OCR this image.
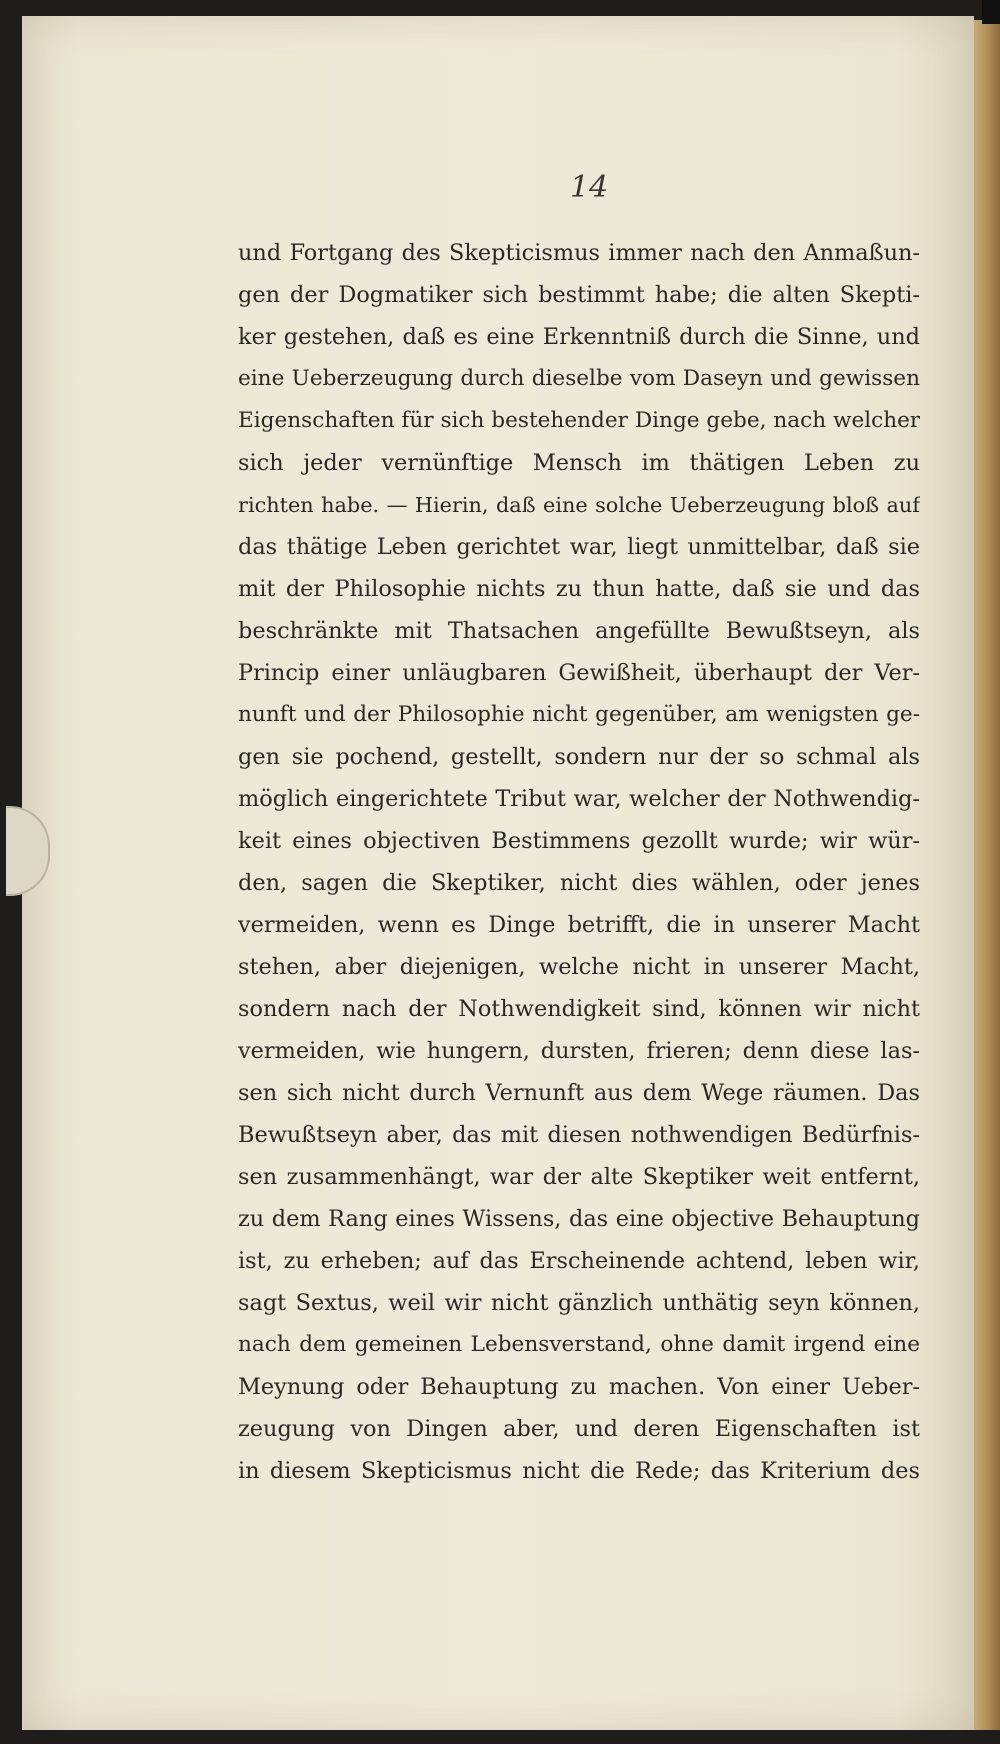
14
und Fortgang des Skepticismus immer nach den Anmaßun-
gen der Dogmatiker sich bestimmt habe; die alten Skepti-
ker gestehen, daß es eine Erkenntniß durch die Sinne, und
eine Ueberzeugung durch dieselbe vom Daseyn und gewissen
Eigenschaften für sich bestehender Dinge gebe, nach welcher
sich jeder vernünftige Mensch im thätigen Leben zu
richten habe. — Hierin, daß eine solche Ueberzeugung bloß auf
das thätige Leben gerichtet war, liegt unmittelbar, daß sie
mit der Philosophie nichts zu thun hatte, daß sie und das
beschränkte mit Thatsachen angefüllte Bewußtseyn, als
Princip einer unläugbaren Gewißheit, überhaupt der Ver-
nunft und der Philosophie nicht gegenüber, am wenigsten ge-
gen sie pochend, gestellt, sondern nur der so schmal als
möglich eingerichtete Tribut war, welcher der Nothwendig-
keit eines objectiven Bestimmens gezollt wurde; wir wür-
den, sagen die Skeptiker, nicht dies wählen, oder jenes
vermeiden, wenn es Dinge betrifft, die in unserer Macht
stehen, aber diejenigen, welche nicht in unserer Macht,
sondern nach der Nothwendigkeit sind, können wir nicht
vermeiden, wie hungern, dursten, frieren; denn diese las-
sen sich nicht durch Vernunft aus dem Wege räumen. Das
Bewußtseyn aber, das mit diesen nothwendigen Bedürfnis-
sen zusammenhängt, war der alte Skeptiker weit entfernt,
zu dem Rang eines Wissens, das eine objective Behauptung
ist, zu erheben; auf das Erscheinende achtend, leben wir,
sagt Sextus, weil wir nicht gänzlich unthätig seyn können,
nach dem gemeinen Lebensverstand, ohne damit irgend eine
Meynung oder Behauptung zu machen. Von einer Ueber-
zeugung von Dingen aber, und deren Eigenschaften ist
in diesem Skepticismus nicht die Rede; das Kriterium des
